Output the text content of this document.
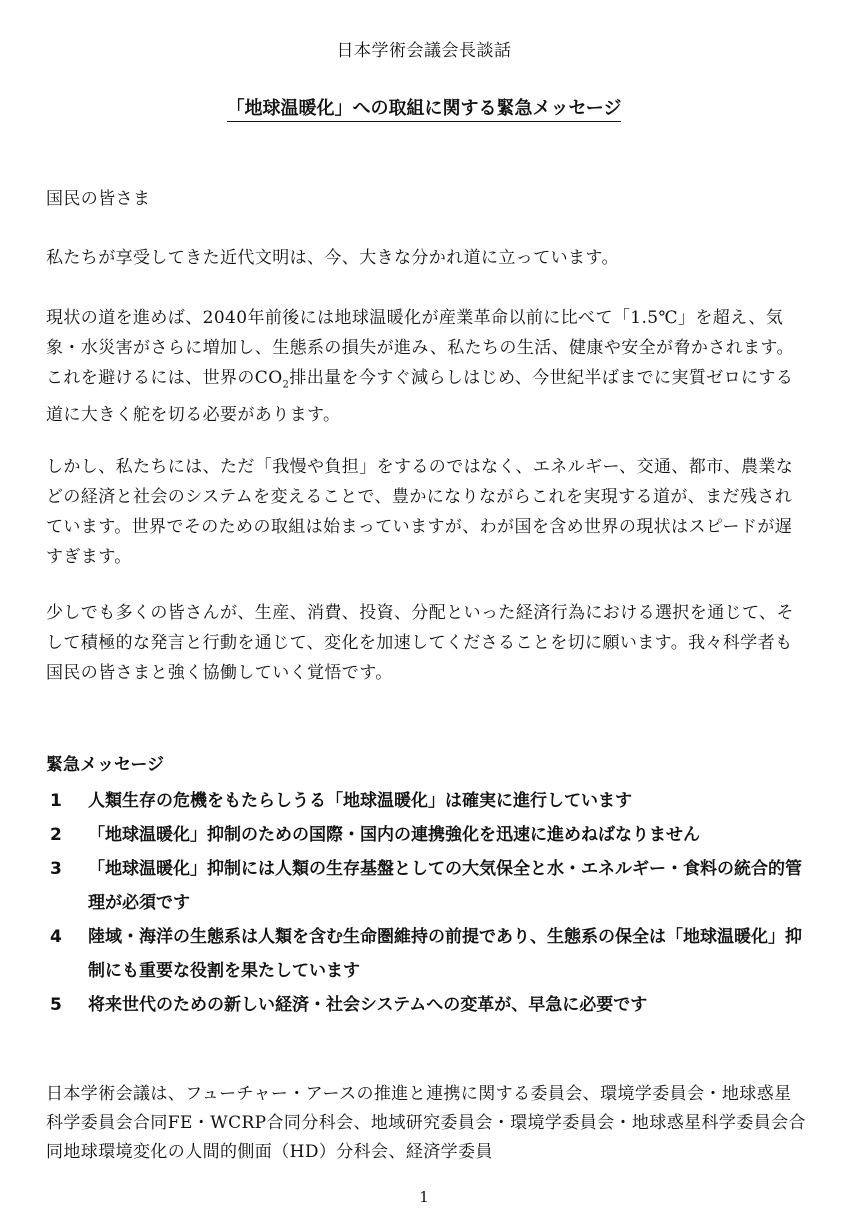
日本学術会議会長談話
「地球温暖化」への取組に関する緊急メッセージ
国民の皆さま
私たちが享受してきた近代文明は、今、大きな分かれ道に立っています。
現状の道を進めば、2040年前後には地球温暖化が産業革命以前に比べて「1.5℃」を超え、気象・水災害がさらに増加し、生態系の損失が進み、私たちの生活、健康や安全が脅かされます。これを避けるには、世界の$CO_2$排出量を今すぐ減らしはじめ、今世紀半ばまでに実質ゼロにする道に大きく舵を切る必要があります。
しかし、私たちには、ただ「我慢や負担」をするのではなく、エネルギー、交通、都市、農業などの経済と社会のシステムを変えることで、豊かになりながらこれを実現する道が、まだ残されています。世界でそのための取組は始まっていますが、わが国を含め世界の現状はスピードが遅すぎます。
少しでも多くの皆さんが、生産、消費、投資、分配といった経済行為における選択を通じて、そして積極的な発言と行動を通じて、変化を加速してくださることを切に願います。我々科学者も国民の皆さまと強く協働していく覚悟です。
緊急メッセージ
1	人類生存の危機をもたらしうる「地球温暖化」は確実に進行しています
2	「地球温暖化」抑制のための国際・国内の連携強化を迅速に進めねばなりません
3	「地球温暖化」抑制には人類の生存基盤としての大気保全と水・エネルギー・食料の統合的管理が必須です
4	陸域・海洋の生態系は人類を含む生命圏維持の前提であり、生態系の保全は「地球温暖化」抑制にも重要な役割を果たしています
5	将来世代のための新しい経済・社会システムへの変革が、早急に必要です
日本学術会議は、フューチャー・アースの推進と連携に関する委員会、環境学委員会・地球惑星科学委員会合同FE・WCRP合同分科会、地域研究委員会・環境学委員会・地球惑星科学委員会合同地球環境変化の人間的側面（HD）分科会、経済学委員
1
